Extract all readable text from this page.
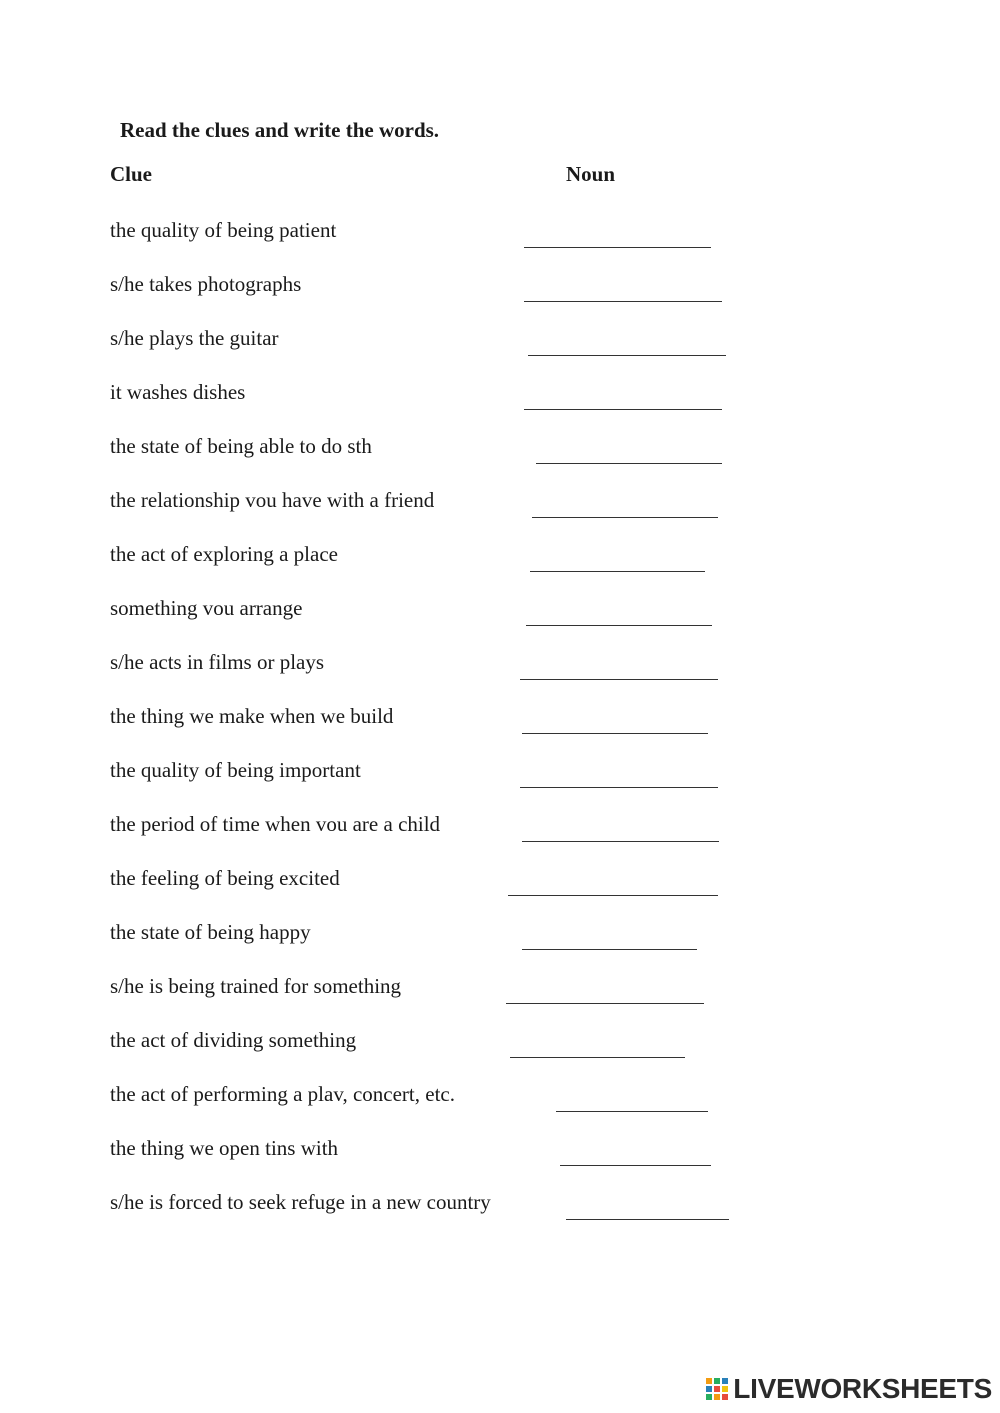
Read the clues and write the words.
Clue	Noun
the quality of being patient
s/he takes photographs
s/he plays the guitar
it washes dishes
the state of being able to do sth
the relationship vou have with a friend
the act of exploring a place
something vou arrange
s/he acts in films or plays
the thing we make when we build
the quality of being important
the period of time when vou are a child
the feeling of being excited
the state of being happy
s/he is being trained for something
the act of dividing something
the act of performing a plav, concert, etc.
the thing we open tins with
s/he is forced to seek refuge in a new country
LIVEWORKSHEETS
